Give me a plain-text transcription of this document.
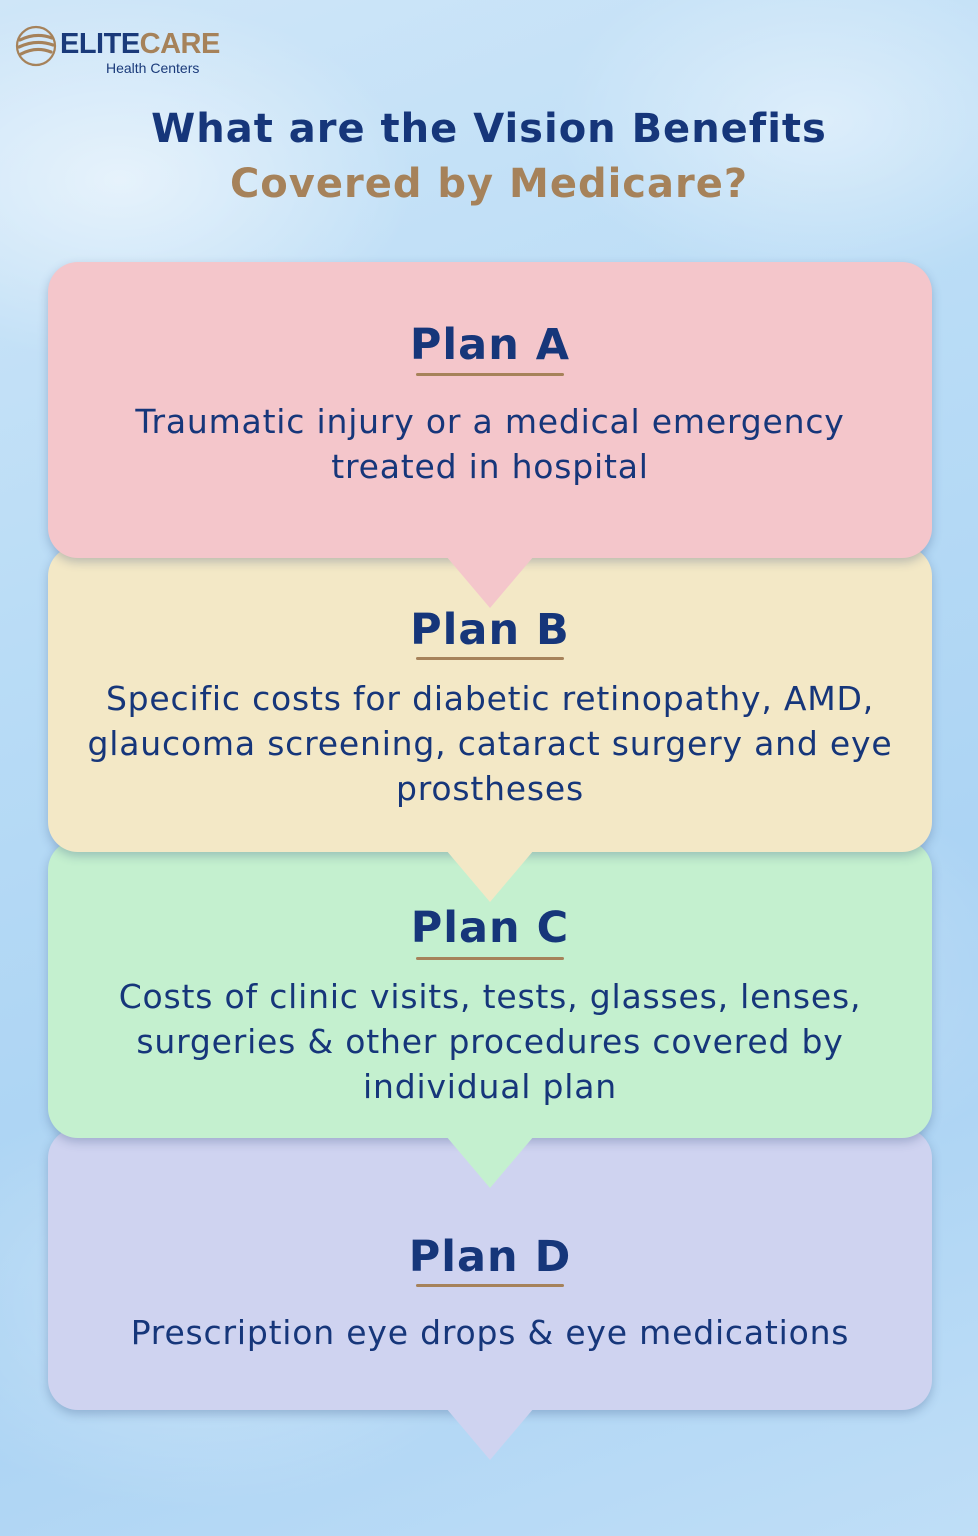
ELITECARE
Health Centers
What are the Vision Benefits
Covered by Medicare?
Plan D
Prescription eye drops & eye medications
Plan C
Costs of clinic visits, tests, glasses, lenses, surgeries & other procedures covered by individual plan
Plan B
Specific costs for diabetic retinopathy, AMD, glaucoma screening, cataract surgery and eye prostheses
Plan A
Traumatic injury or a medical emergency treated in hospital
